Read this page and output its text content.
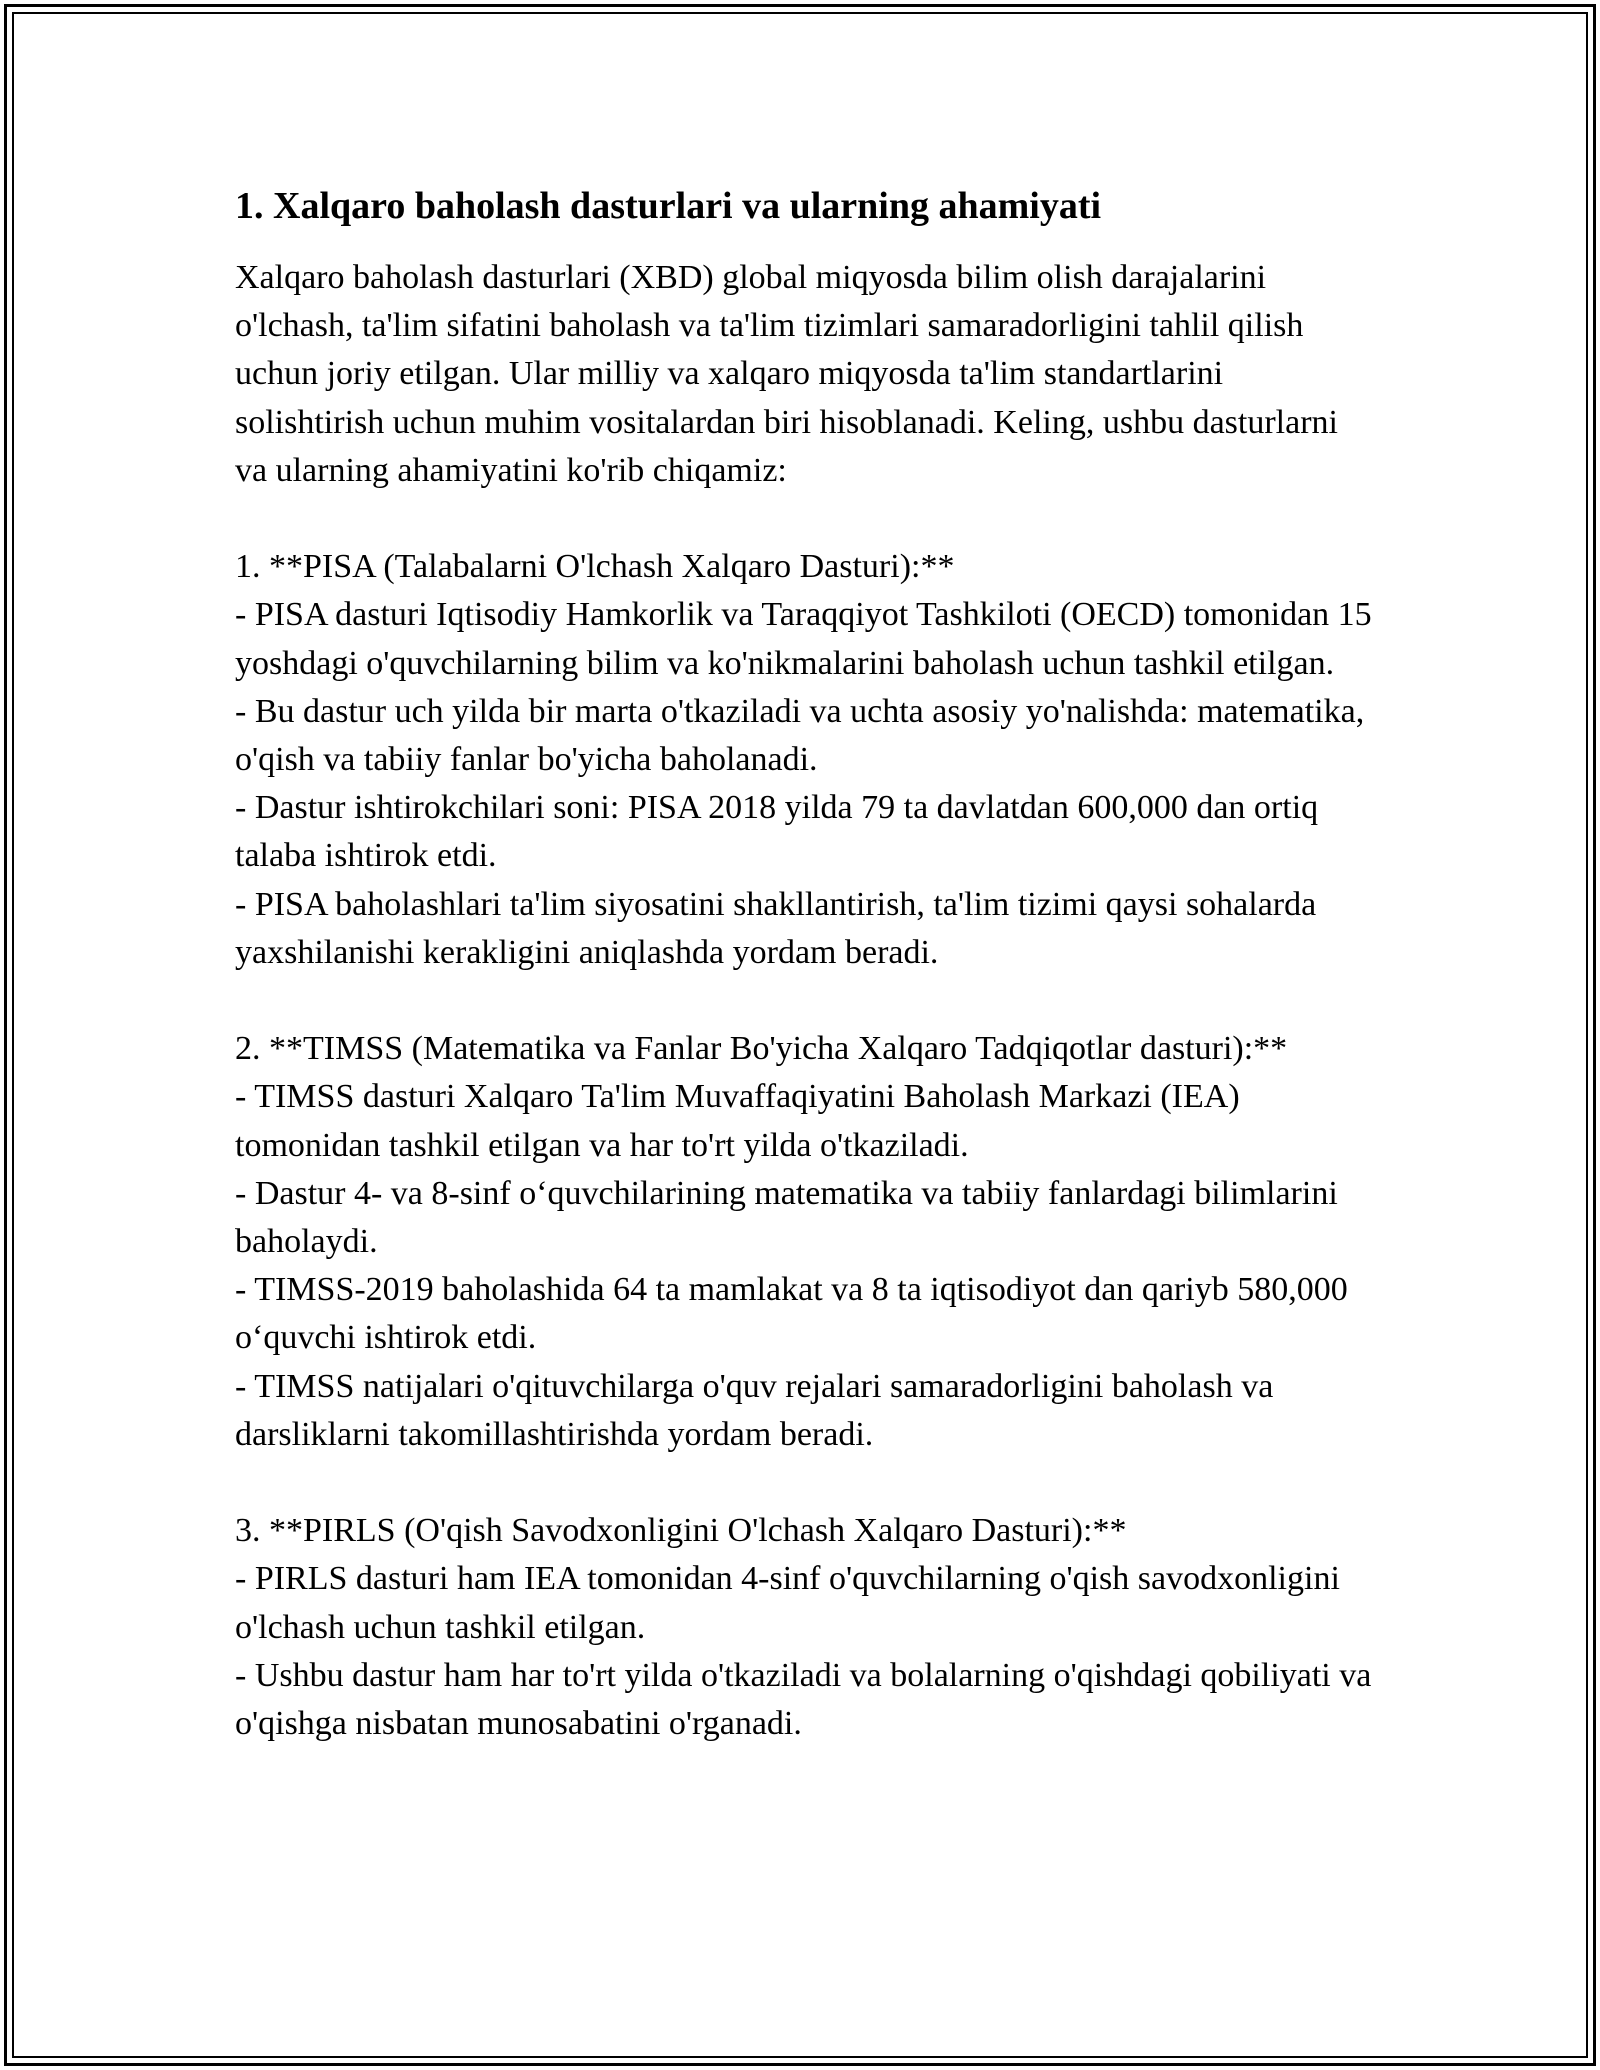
1. Xalqaro baholash dasturlari va ularning ahamiyati

Xalqaro baholash dasturlari (XBD) global miqyosda bilim olish darajalarini o'lchash, ta'lim sifatini baholash va ta'lim tizimlari samaradorligini tahlil qilish uchun joriy etilgan. Ular milliy va xalqaro miqyosda ta'lim standartlarini solishtirish uchun muhim vositalardan biri hisoblanadi. Keling, ushbu dasturlarni va ularning ahamiyatini ko'rib chiqamiz:

1. **PISA (Talabalarni O'lchash Xalqaro Dasturi):**

- PISA dasturi Iqtisodiy Hamkorlik va Taraqqiyot Tashkiloti (OECD) tomonidan 15 yoshdagi o'quvchilarning bilim va ko'nikmalarini baholash uchun tashkil etilgan.

- Bu dastur uch yilda bir marta o'tkaziladi va uchta asosiy yo'nalishda: matematika, o'qish va tabiiy fanlar bo'yicha baholanadi.

- Dastur ishtirokchilari soni: PISA 2018 yilda 79 ta davlatdan 600,000 dan ortiq talaba ishtirok etdi.

- PISA baholashlari ta'lim siyosatini shakllantirish, ta'lim tizimi qaysi sohalarda yaxshilanishi kerakligini aniqlashda yordam beradi.

2. **TIMSS (Matematika va Fanlar Bo'yicha Xalqaro Tadqiqotlar dasturi):**

- TIMSS dasturi Xalqaro Ta'lim Muvaffaqiyatini Baholash Markazi (IEA) tomonidan tashkil etilgan va har to'rt yilda o'tkaziladi.

- Dastur 4- va 8-sinf o‘quvchilarining matematika va tabiiy fanlardagi bilimlarini baholaydi.

- TIMSS-2019 baholashida 64 ta mamlakat va 8 ta iqtisodiyot dan qariyb 580,000 o‘quvchi ishtirok etdi.

- TIMSS natijalari o'qituvchilarga o'quv rejalari samaradorligini baholash va darsliklarni takomillashtirishda yordam beradi.

3. **PIRLS (O'qish Savodxonligini O'lchash Xalqaro Dasturi):**

- PIRLS dasturi ham IEA tomonidan 4-sinf o'quvchilarning o'qish savodxonligini o'lchash uchun tashkil etilgan.

- Ushbu dastur ham har to'rt yilda o'tkaziladi va bolalarning o'qishdagi qobiliyati va o'qishga nisbatan munosabatini o'rganadi.
